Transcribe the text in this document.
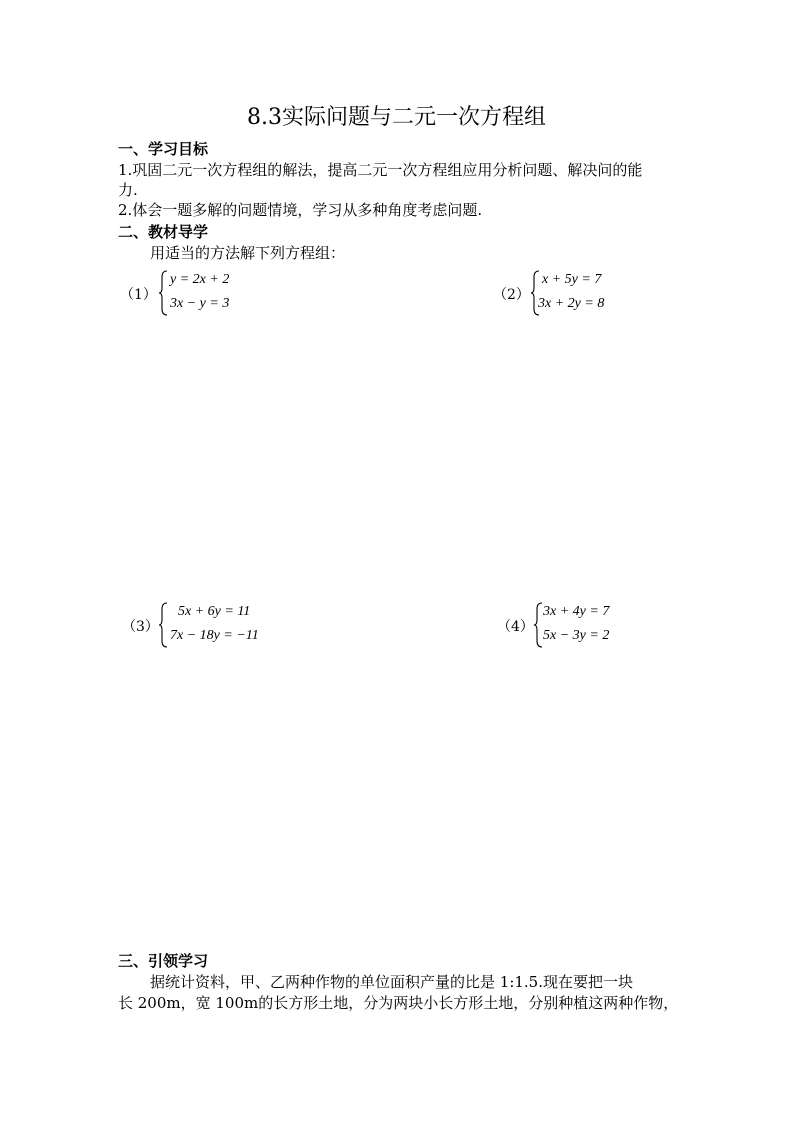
8.3实际问题与二元一次方程组
一、学习目标
1.巩固二元一次方程组的解法，提高二元一次方程组应用分析问题、解决问的能
力.
2.体会一题多解的问题情境，学习从多种角度考虑问题.
二、教材导学
用适当的方法解下列方程组：
（1）
y = 2x + 2
3x − y = 3
（2）
x + 5y = 7
3x + 2y = 8
（3）
5x + 6y = 11
7x − 18y = −11
（4）
3x + 4y = 7
5x − 3y = 2
三、引领学习
据统计资料，甲、乙两种作物的单位面积产量的比是 1:1.5.现在要把一块
长 200m，宽 100m的长方形土地，分为两块小长方形土地，分别种植这两种作物，
